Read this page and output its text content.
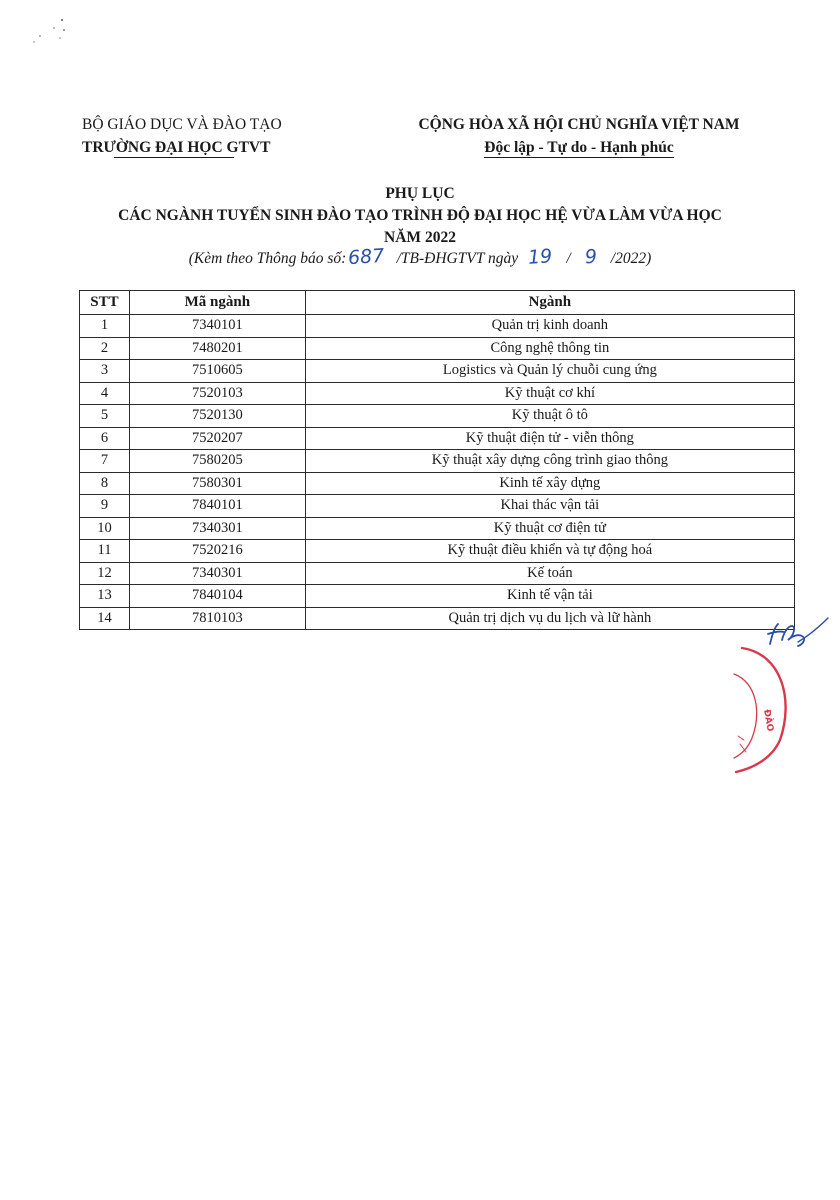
BỘ GIÁO DỤC VÀ ĐÀO TẠO
TRƯỜNG ĐẠI HỌC GTVT
CỘNG HÒA XÃ HỘI CHỦ NGHĨA VIỆT NAM
Độc lập - Tự do - Hạnh phúc
PHỤ LỤC
CÁC NGÀNH TUYỂN SINH ĐÀO TẠO TRÌNH ĐỘ ĐẠI HỌC HỆ VỪA LÀM VỪA HỌC
NĂM 2022
(Kèm theo Thông báo số:687 /TB-ĐHGTVT ngày 19 / 9 /2022)
STT	Mã ngành	Ngành
1	7340101	Quản trị kinh doanh
2	7480201	Công nghệ thông tin
3	7510605	Logistics và Quản lý chuỗi cung ứng
4	7520103	Kỹ thuật cơ khí
5	7520130	Kỹ thuật ô tô
6	7520207	Kỹ thuật điện tử - viễn thông
7	7580205	Kỹ thuật xây dựng công trình giao thông
8	7580301	Kinh tế xây dựng
9	7840101	Khai thác vận tải
10	7340301	Kỹ thuật cơ điện tử
11	7520216	Kỹ thuật điều khiển và tự động hoá
12	7340301	Kế toán
13	7840104	Kinh tế vận tải
14	7810103	Quản trị dịch vụ du lịch và lữ hành
ĐÀO
